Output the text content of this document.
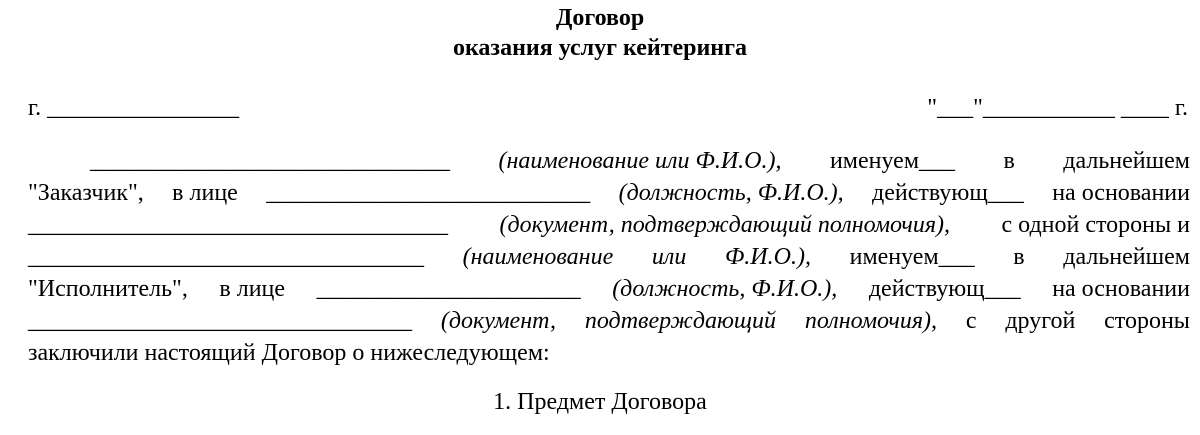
Договор
оказания услуг кейтеринга
г. ________________	"___"___________ ____ г.
______________________________ (наименование или Ф.И.О.), именуем___ в дальнейшем
"Заказчик", в лице ___________________________ (должность, Ф.И.О.), действующ___ на основании
___________________________________ (документ, подтверждающий полномочия), с одной стороны и
_________________________________ (наименование или Ф.И.О.), именуем___ в дальнейшем
"Исполнитель", в лице ______________________ (должность, Ф.И.О.), действующ___ на основании
________________________________ (документ, подтверждающий полномочия), с другой стороны
заключили настоящий Договор о нижеследующем:
1. Предмет Договора
